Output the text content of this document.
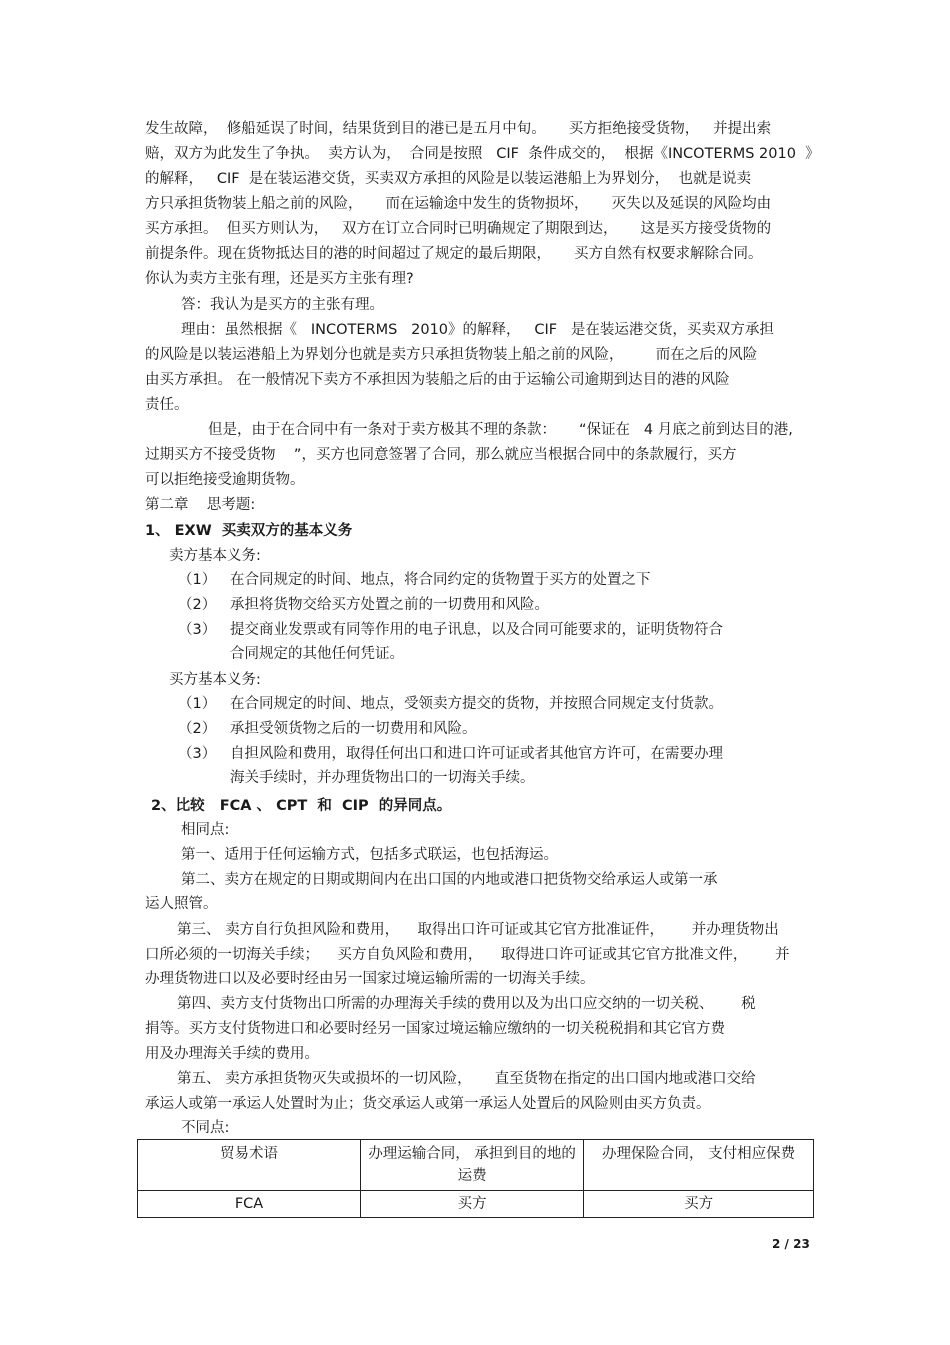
发生故障，  修船延误了时间，结果货到目的港已是五月中旬。     买方拒绝接受货物，   并提出索
赔，双方为此发生了争执。  卖方认为，  合同是按照   CIF  条件成交的，  根据《INCOTERMS 2010  》
的解释，   CIF  是在装运港交货，买卖双方承担的风险是以装运港船上为界划分，  也就是说卖
方只承担货物装上船之前的风险，     而在运输途中发生的货物损坏，     灭失以及延误的风险均由
买方承担。  但买方则认为，   双方在订立合同时已明确规定了期限到达，     这是买方接受货物的
前提条件。现在货物抵达目的港的时间超过了规定的最后期限，     买方自然有权要求解除合同。
你认为卖方主张有理，还是买方主张有理?
答：我认为是买方的主张有理。
理由：虽然根据《   INCOTERMS   2010》的解释，   CIF   是在装运港交货，买卖双方承担
的风险是以装运港船上为界划分也就是卖方只承担货物装上船之前的风险，       而在之后的风险
由买方承担。 在一般情况下卖方不承担因为装船之后的由于运输公司逾期到达目的港的风险
责任。
但是，由于在合同中有一条对于卖方极其不理的条款：     “保证在   4 月底之前到达目的港,
过期买方不接受货物    ”，买方也同意签署了合同，那么就应当根据合同中的条款履行，买方
可以拒绝接受逾期货物。
第二章    思考题:
1、 EXW  买卖双方的基本义务
卖方基本义务:
（1）   在合同规定的时间、地点，将合同约定的货物置于买方的处置之下
（2）   承担将货物交给买方处置之前的一切费用和风险。
（3）   提交商业发票或有同等作用的电子讯息，以及合同可能要求的，证明货物符合
合同规定的其他任何凭证。
买方基本义务:
（1）   在合同规定的时间、地点，受领卖方提交的货物，并按照合同规定支付货款。
（2）   承担受领货物之后的一切费用和风险。
（3）   自担风险和费用，取得任何出口和进口许可证或者其他官方许可，在需要办理
海关手续时，并办理货物出口的一切海关手续。
2、比较   FCA 、 CPT  和  CIP  的异同点。
相同点:
第一、适用于任何运输方式，包括多式联运，也包括海运。
第二、卖方在规定的日期或期间内在出口国的内地或港口把货物交给承运人或第一承
运人照管。
第三、 卖方自行负担风险和费用，    取得出口许可证或其它官方批准证件，      并办理货物出
口所必须的一切海关手续；    买方自负风险和费用，    取得进口许可证或其它官方批准文件，      并
办理货物进口以及必要时经由另一国家过境运输所需的一切海关手续。
第四、卖方支付货物出口所需的办理海关手续的费用以及为出口应交纳的一切关税、      税
捐等。买方支付货物进口和必要时经另一国家过境运输应缴纳的一切关税税捐和其它官方费
用及办理海关手续的费用。
第五、 卖方承担货物灭失或损坏的一切风险，     直至货物在指定的出口国内地或港口交给
承运人或第一承运人处置时为止；货交承运人或第一承运人处置后的风险则由买方负责。
不同点:
贸易术语	办理运输合同， 承担到目的地的运费	办理保险合同， 支付相应保费
FCA	买方	买方
2 / 23
